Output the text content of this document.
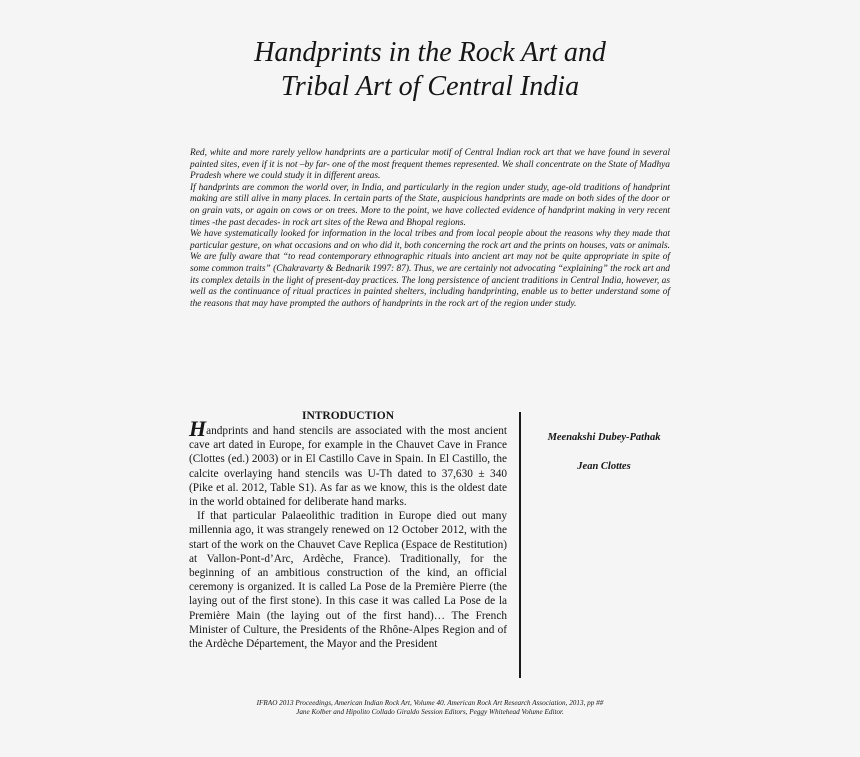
Handprints in the Rock Art and
Tribal Art of Central India

Red, white and more rarely yellow handprints are a particular motif of Central Indian rock art that we have found in several painted sites, even if it is not –by far- one of the most frequent themes represented. We shall concentrate on the State of Madhya Pradesh where we could study it in different areas.

If handprints are common the world over, in India, and particularly in the region under study, age-old traditions of handprint making are still alive in many places. In certain parts of the State, auspicious handprints are made on both sides of the door or on grain vats, or again on cows or on trees. More to the point, we have collected evidence of handprint making in very recent times -the past decades- in rock art sites of the Rewa and Bhopal regions.

We have systematically looked for information in the local tribes and from local people about the reasons why they made that particular gesture, on what occasions and on who did it, both concerning the rock art and the prints on houses, vats or animals.

We are fully aware that “to read contemporary ethnographic rituals into ancient art may not be quite appropriate in spite of some common traits” (Chakravarty & Bednarik 1997: 87). Thus, we are certainly not advocating “explaining” the rock art and its complex details in the light of present-day practices. The long persistence of ancient traditions in Central India, however, as well as the continuance of ritual practices in painted shelters, including handprinting, enable us to better understand some of the reasons that may have prompted the authors of handprints in the rock art of the region under study.

INTRODUCTION

Handprints and hand stencils are associated with the most ancient cave art dated in Europe, for example in the Chauvet Cave in France (Clottes (ed.) 2003) or in El Castillo Cave in Spain. In El Castillo, the calcite overlaying hand stencils was U-Th dated to 37,630 ± 340 (Pike et al. 2012, Table S1). As far as we know, this is the oldest date in the world obtained for deliberate hand marks.

If that particular Palaeolithic tradition in Europe died out many millennia ago, it was strangely renewed on 12 October 2012, with the start of the work on the Chauvet Cave Replica (Espace de Restitution) at Vallon-Pont-d’Arc, Ardèche, France). Traditionally, for the beginning of an ambitious construction of the kind, an official ceremony is organized. It is called La Pose de la Première Pierre (the laying out of the first stone). In this case it was called La Pose de la Première Main (the laying out of the first hand)… The French Minister of Culture, the Presidents of the Rhône-Alpes Region and of the Ardèche Département, the Mayor and the President

Meenakshi Dubey-Pathak
Jean Clottes
IFRAO 2013 Proceedings, American Indian Rock Art, Volume 40. American Rock Art Research Association, 2013, pp ##
Jane Kolber and Hipolito Collado Giraldo Session Editors, Peggy Whitehead Volume Editor.
